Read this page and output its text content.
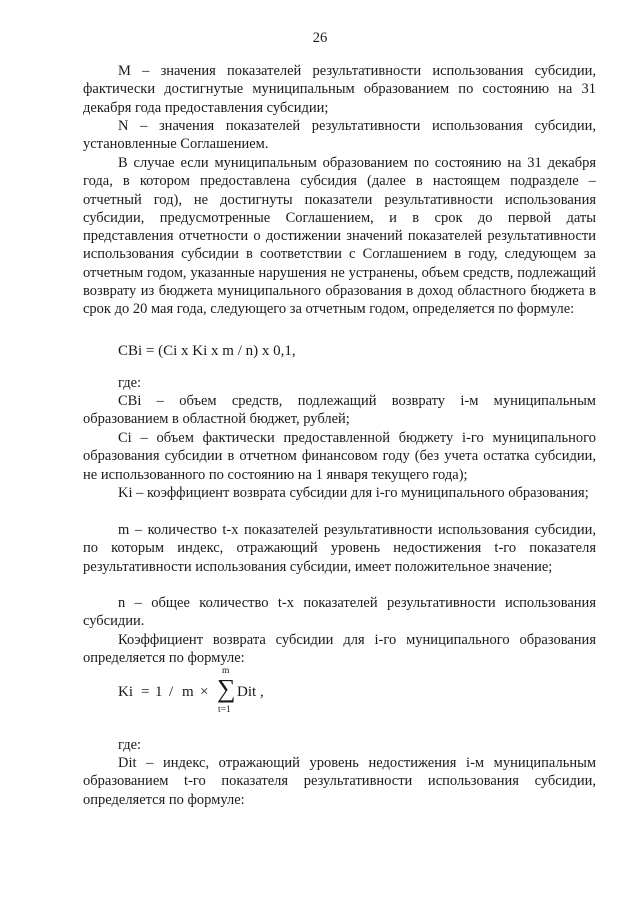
26

M – значения показателей результативности использования субсидии, фактически достигнутые муниципальным образованием по состоянию на 31 декабря года предоставления субсидии;

N – значения показателей результативности использования субсидии, установленные Соглашением.

В случае если муниципальным образованием по состоянию на 31 декабря года, в котором предоставлена субсидия (далее в настоящем подразделе – отчетный год), не достигнуты показатели результативности использования субсидии, предусмотренные Соглашением, и в срок до первой даты представления отчетности о достижении значений показателей результативности использования субсидии в соответствии с Соглашением в году, следующем за отчетным годом, указанные нарушения не устранены, объем средств, подлежащий возврату из бюджета муниципального образования в доход областного бюджета в срок до 20 мая года, следующего за отчетным годом, определяется по формуле:

CBi = (Ci х Ki х m / n) х 0,1,

где:

CBi – объем средств, подлежащий возврату i-м муниципальным образованием в областной бюджет, рублей;

Ci – объем фактически предоставленной бюджету i-го муниципального образования субсидии в отчетном финансовом году (без учета остатка субсидии, не использованного по состоянию на 1 января текущего года);

Ki – коэффициент возврата субсидии для i-го муниципального образования;

m – количество t-х показателей результативности использования субсидии, по которым индекс, отражающий уровень недостижения t-го показателя результативности использования субсидии, имеет положительное значение;

n – общее количество t-х показателей результативности использования субсидии.

Коэффициент возврата субсидии для i-го муниципального образования определяется по формуле:

Ki = 1 / m ×
m
∑
t=1
Dit ,

где:

Dit – индекс, отражающий уровень недостижения i-м муниципальным образованием t-го показателя результативности использования субсидии, определяется по формуле:
